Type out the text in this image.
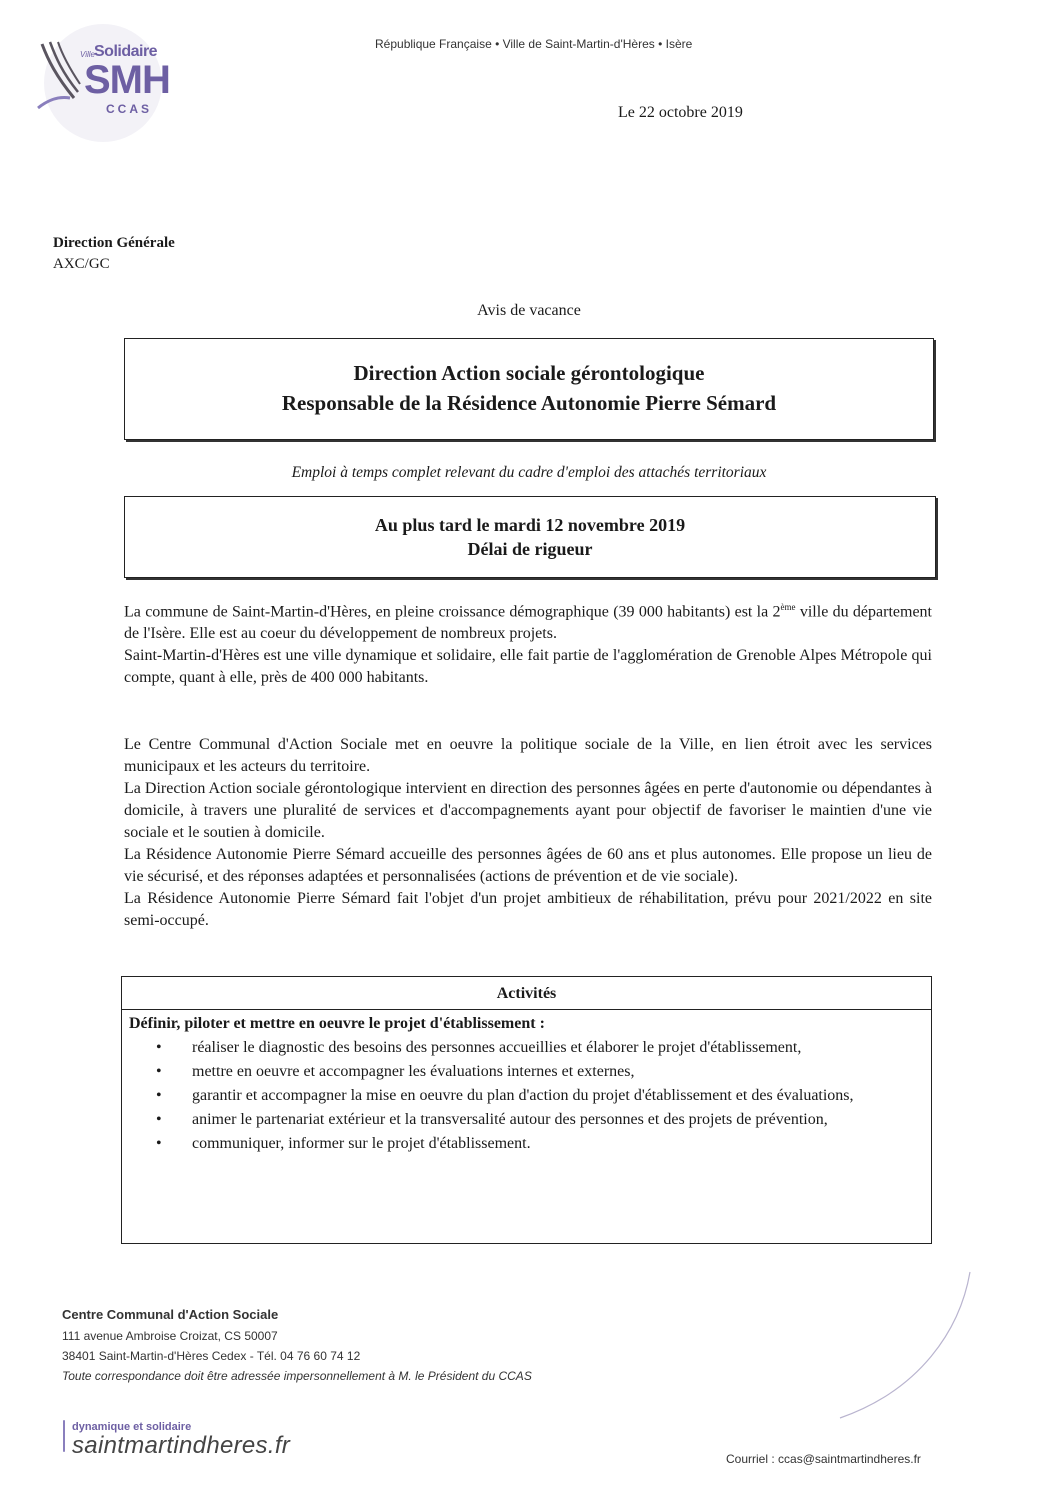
Ville Solidaire
SMH
CCAS
République Française • Ville de Saint-Martin-d'Hères • Isère
Le 22 octobre 2019
Direction Générale
AXC/GC
Avis de vacance
Direction Action sociale gérontologique
Responsable de la Résidence Autonomie Pierre Sémard
Emploi à temps complet relevant du cadre d'emploi des attachés territoriaux
Au plus tard le mardi 12 novembre 2019
Délai de rigueur

La commune de Saint-Martin-d'Hères, en pleine croissance démographique (39 000 habitants) est la 2ème ville du département de l'Isère. Elle est au coeur du développement de nombreux projets.

Saint-Martin-d'Hères est une ville dynamique et solidaire, elle fait partie de l'agglomération de Grenoble Alpes Métropole qui compte, quant à elle, près de 400 000 habitants.

Le Centre Communal d'Action Sociale met en oeuvre la politique sociale de la Ville, en lien étroit avec les services municipaux et les acteurs du territoire.

La Direction Action sociale gérontologique intervient en direction des personnes âgées en perte d'autonomie ou dépendantes à domicile, à travers une pluralité de services et d'accompagnements ayant pour objectif de favoriser le maintien d'une vie sociale et le soutien à domicile.

La Résidence Autonomie Pierre Sémard accueille des personnes âgées de 60 ans et plus autonomes. Elle propose un lieu de vie sécurisé, et des réponses adaptées et personnalisées (actions de prévention et de vie sociale).

La Résidence Autonomie Pierre Sémard fait l'objet d'un projet ambitieux de réhabilitation, prévu pour 2021/2022 en site semi-occupé.

Activités
Définir, piloter et mettre en oeuvre le projet d'établissement :
• réaliser le diagnostic des besoins des personnes accueillies et élaborer le projet d'établissement,
• mettre en oeuvre et accompagner les évaluations internes et externes,
• garantir et accompagner la mise en oeuvre du plan d'action du projet d'établissement et des évaluations,
• animer le partenariat extérieur et la transversalité autour des personnes et des projets de prévention,
• communiquer, informer sur le projet d'établissement.
Centre Communal d'Action Sociale
111 avenue Ambroise Croizat, CS 50007
38401 Saint-Martin-d'Hères Cedex - Tél. 04 76 60 74 12
Toute correspondance doit être adressée impersonnellement à M. le Président du CCAS
dynamique et solidaire
saintmartindheres.fr	Courriel : ccas@saintmartindheres.fr
